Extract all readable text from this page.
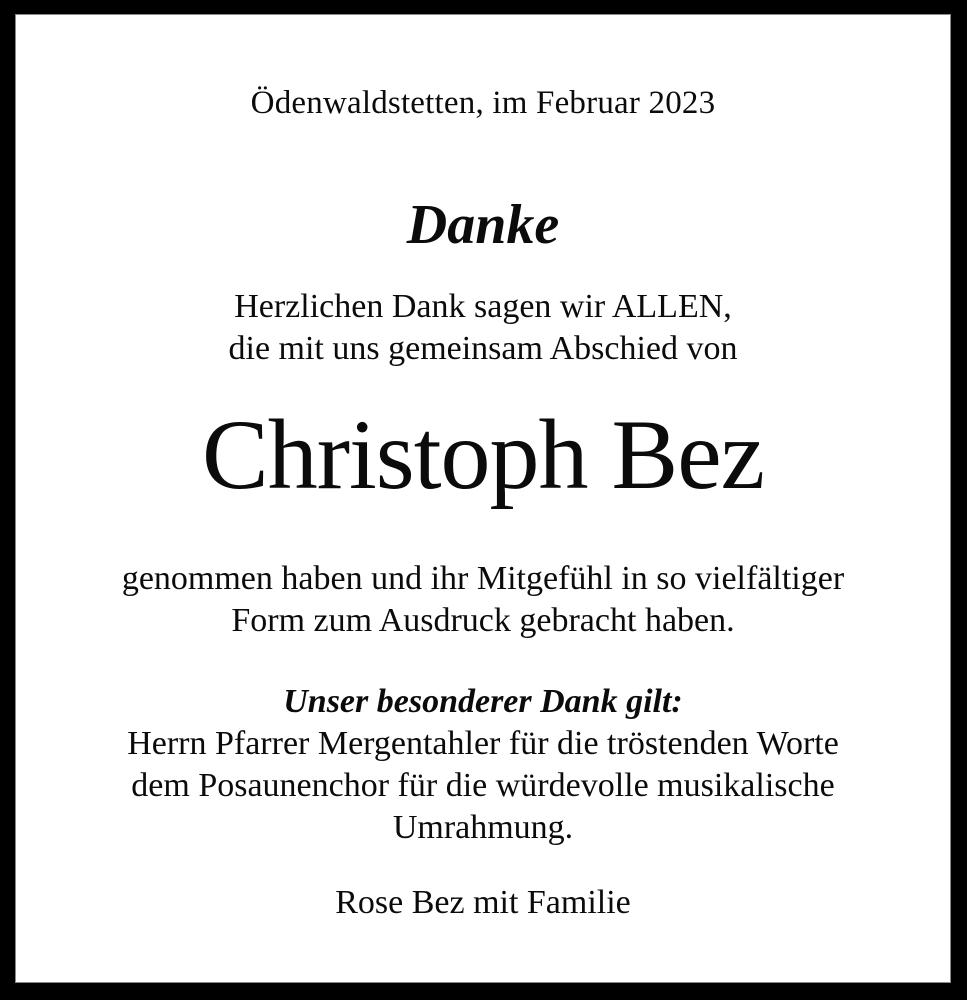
Ödenwaldstetten, im Februar 2023
Danke
Herzlichen Dank sagen wir ALLEN,
die mit uns gemeinsam Abschied von
Christoph Bez
genommen haben und ihr Mitgefühl in so vielfältiger
Form zum Ausdruck gebracht haben.
Unser besonderer Dank gilt:
Herrn Pfarrer Mergentahler für die tröstenden Worte
dem Posaunenchor für die würdevolle musikalische
Umrahmung.
Rose Bez mit Familie
